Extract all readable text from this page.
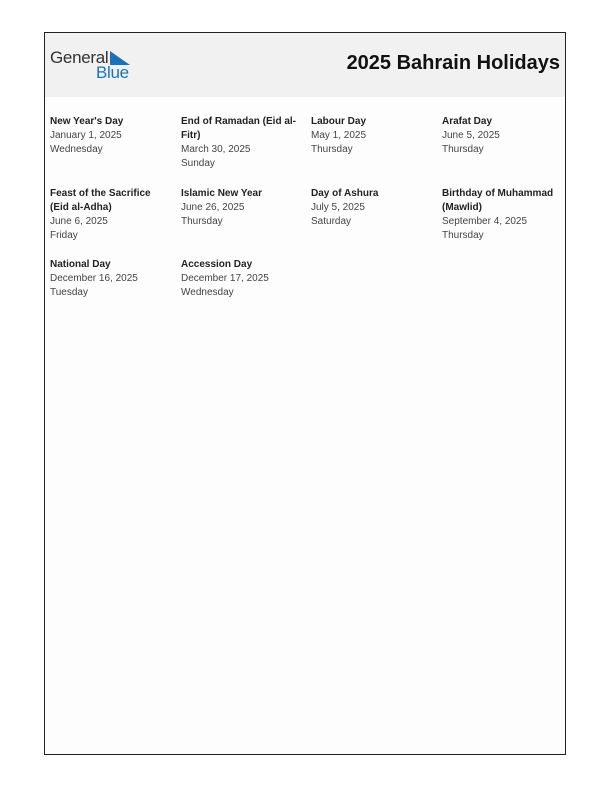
General
Blue	2025 Bahrain Holidays
New Year's Day
January 1, 2025
Wednesday
End of Ramadan (Eid al-Fitr)
March 30, 2025
Sunday
Labour Day
May 1, 2025
Thursday
Arafat Day
June 5, 2025
Thursday
Feast of the Sacrifice (Eid al-Adha)
June 6, 2025
Friday
Islamic New Year
June 26, 2025
Thursday
Day of Ashura
July 5, 2025
Saturday
Birthday of Muhammad (Mawlid)
September 4, 2025
Thursday
National Day
December 16, 2025
Tuesday
Accession Day
December 17, 2025
Wednesday
